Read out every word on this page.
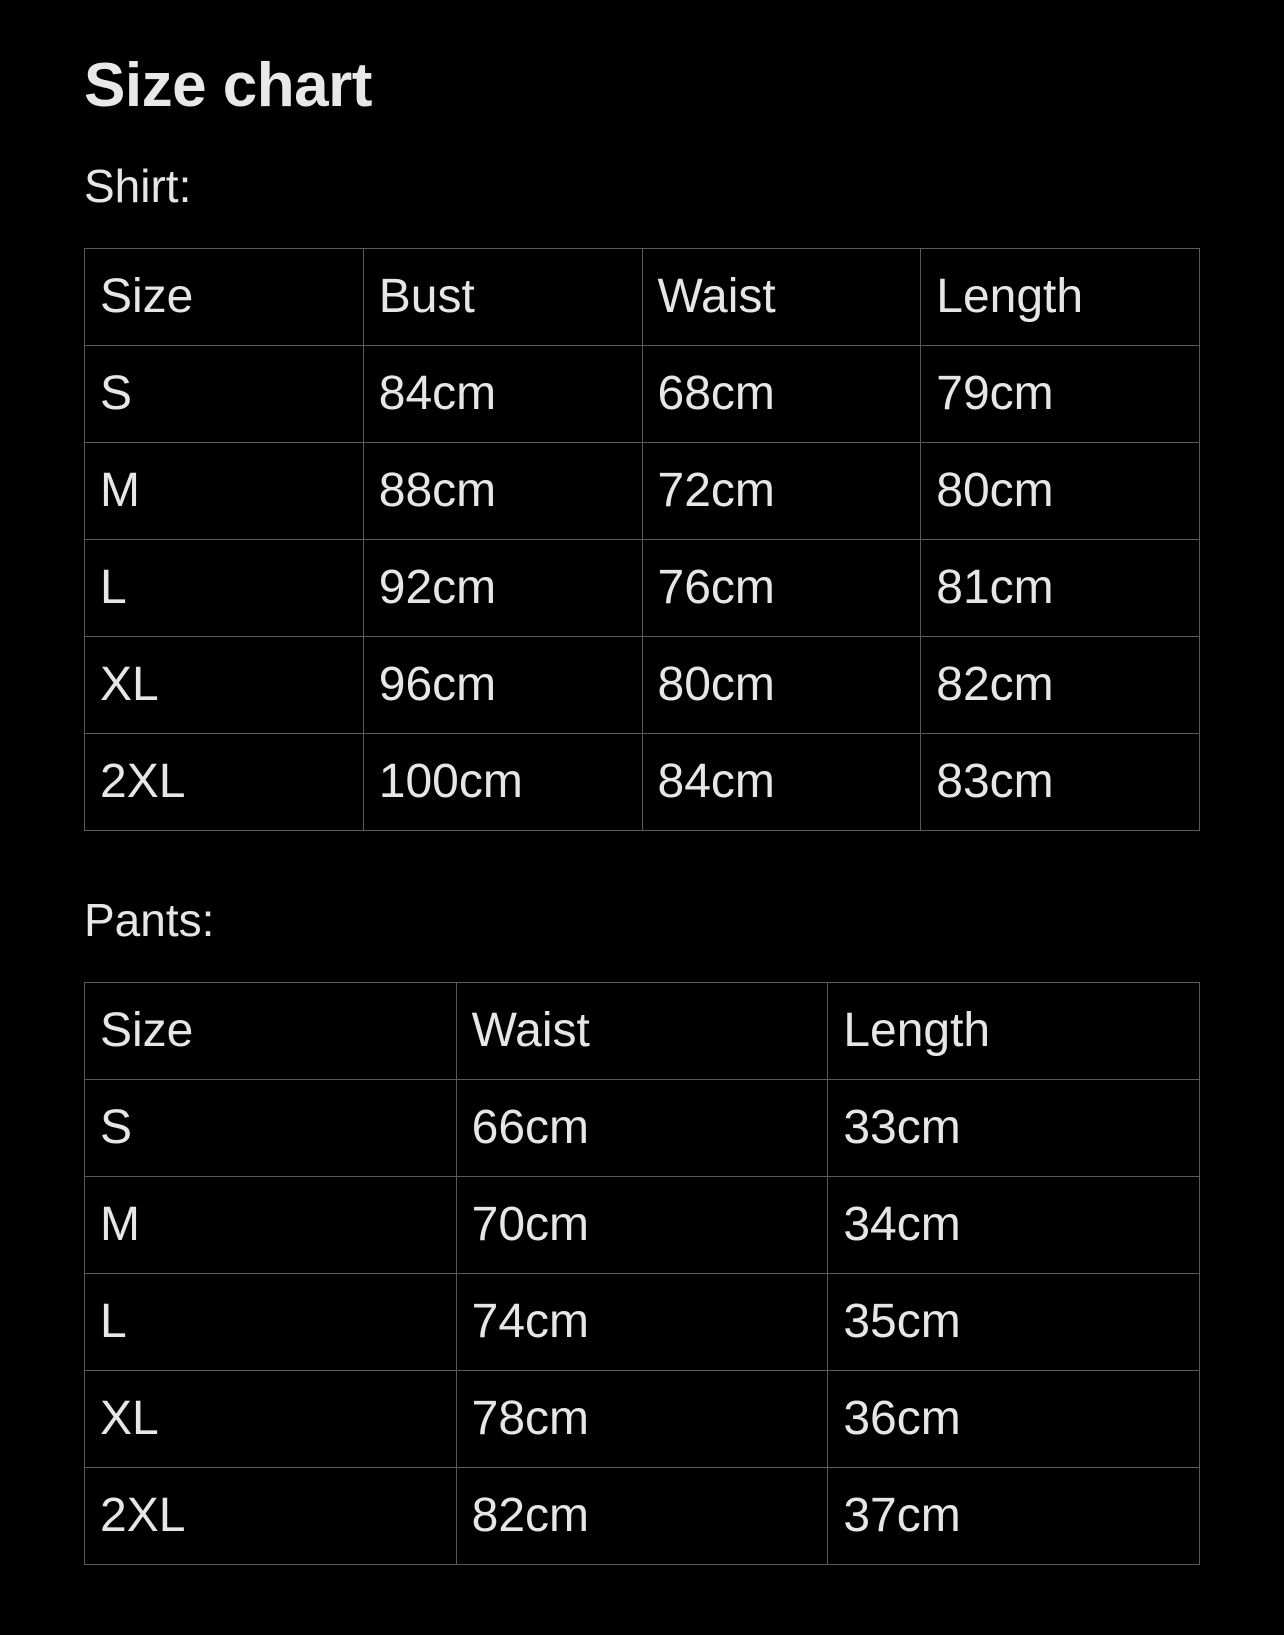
Size chart

Shirt:

Size	Bust	Waist	Length
S	84cm	68cm	79cm
M	88cm	72cm	80cm
L	92cm	76cm	81cm
XL	96cm	80cm	82cm
2XL	100cm	84cm	83cm

Pants:

Size	Waist	Length
S	66cm	33cm
M	70cm	34cm
L	74cm	35cm
XL	78cm	36cm
2XL	82cm	37cm
